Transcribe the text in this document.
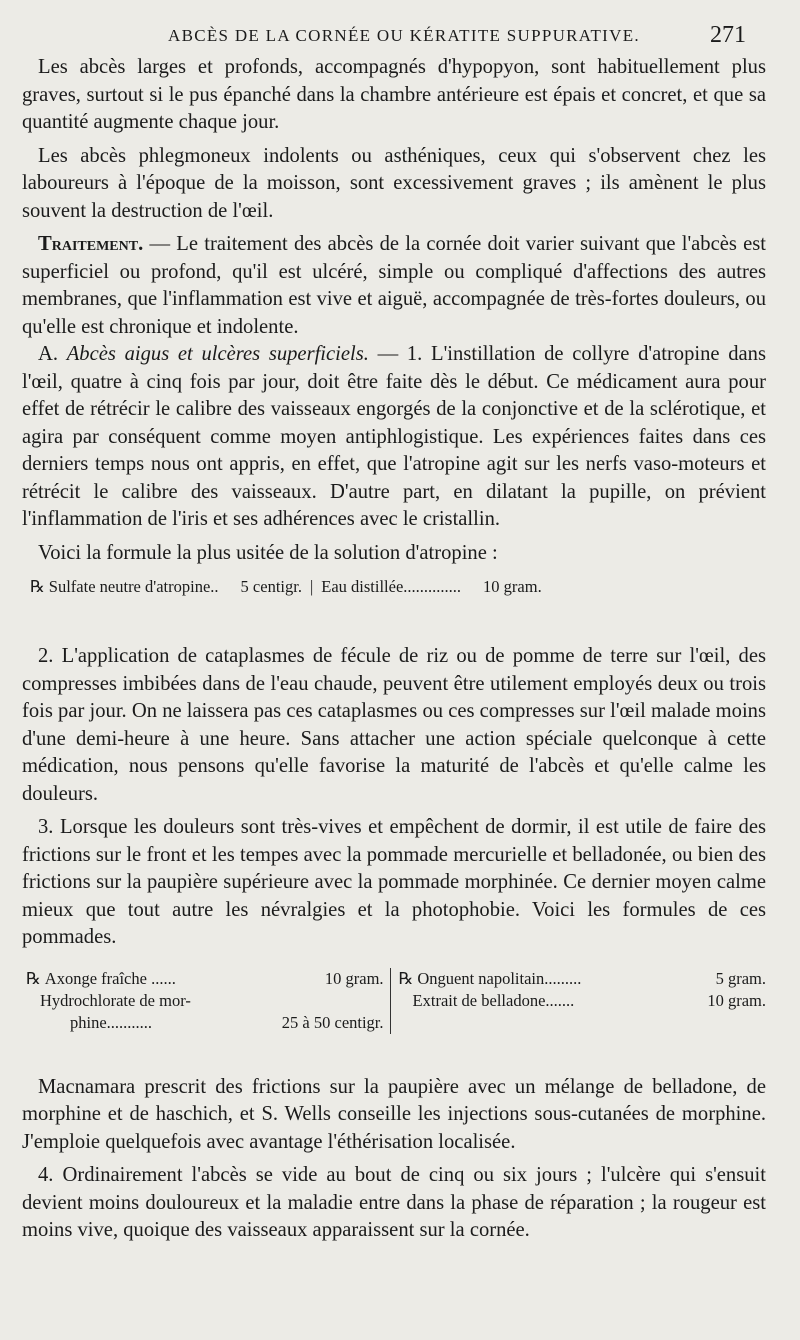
ABCÈS DE LA CORNÉE OU KÉRATITE SUPPURATIVE.	271

Les abcès larges et profonds, accompagnés d'hypopyon, sont habituellement plus graves, surtout si le pus épanché dans la chambre antérieure est épais et concret, et que sa quantité augmente chaque jour.

Les abcès phlegmoneux indolents ou asthéniques, ceux qui s'observent chez les laboureurs à l'époque de la moisson, sont excessivement graves ; ils amènent le plus souvent la destruction de l'œil.

Traitement. — Le traitement des abcès de la cornée doit varier suivant que l'abcès est superficiel ou profond, qu'il est ulcéré, simple ou compliqué d'affections des autres membranes, que l'inflammation est vive et aiguë, accompagnée de très-fortes douleurs, ou qu'elle est chronique et indolente.

A. Abcès aigus et ulcères superficiels. — 1. L'instillation de collyre d'atropine dans l'œil, quatre à cinq fois par jour, doit être faite dès le début. Ce médicament aura pour effet de rétrécir le calibre des vaisseaux engorgés de la conjonctive et de la sclérotique, et agira par conséquent comme moyen antiphlogistique. Les expériences faites dans ces derniers temps nous ont appris, en effet, que l'atropine agit sur les nerfs vaso-moteurs et rétrécit le calibre des vaisseaux. D'autre part, en dilatant la pupille, on prévient l'inflammation de l'iris et ses adhérences avec le cristallin.

Voici la formule la plus usitée de la solution d'atropine :

℞ Sulfate neutre d'atropine.. 5 centigr. | Eau distillée.............. 10 gram.

2. L'application de cataplasmes de fécule de riz ou de pomme de terre sur l'œil, des compresses imbibées dans de l'eau chaude, peuvent être utilement employés deux ou trois fois par jour. On ne laissera pas ces cataplasmes ou ces compresses sur l'œil malade moins d'une demi-heure à une heure. Sans attacher une action spéciale quelconque à cette médication, nous pensons qu'elle favorise la maturité de l'abcès et qu'elle calme les douleurs.

3. Lorsque les douleurs sont très-vives et empêchent de dormir, il est utile de faire des frictions sur le front et les tempes avec la pommade mercurielle et belladonée, ou bien des frictions sur la paupière supérieure avec la pommade morphinée. Ce dernier moyen calme mieux que tout autre les névralgies et la photophobie. Voici les formules de ces pommades.

℞ Axonge fraîche ......	10 gram.
Hydrochlorate de mor-
phine...........	25 à 50 centigr.
℞ Onguent napolitain.........	5 gram.
Extrait de belladone.......	10 gram.

Macnamara prescrit des frictions sur la paupière avec un mélange de belladone, de morphine et de haschich, et S. Wells conseille les injections sous-cutanées de morphine. J'emploie quelquefois avec avantage l'éthérisation localisée.

4. Ordinairement l'abcès se vide au bout de cinq ou six jours ; l'ulcère qui s'ensuit devient moins douloureux et la maladie entre dans la phase de réparation ; la rougeur est moins vive, quoique des vaisseaux apparaissent sur la cornée.
